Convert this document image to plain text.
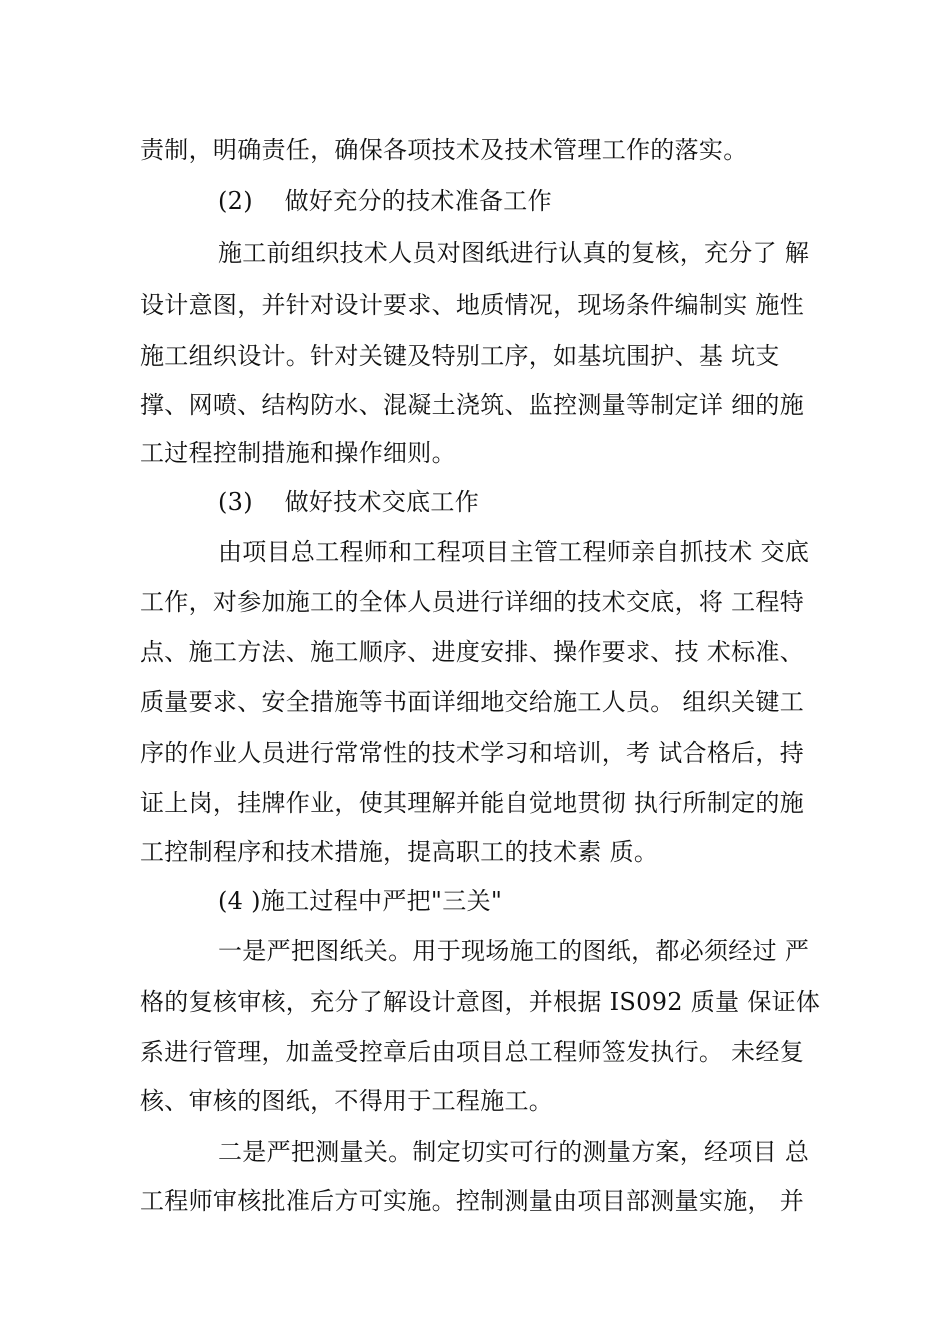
责制，明确责任，确保各项技术及技术管理工作的落实。
(2)    做好充分的技术准备工作
施工前组织技术人员对图纸进行认真的复核，充分了 解
设计意图，并针对设计要求、地质情况，现场条件编制实 施性
施工组织设计。针对关键及特别工序，如基坑围护、基 坑支
撑、网喷、结构防水、混凝土浇筑、监控测量等制定详 细的施
工过程控制措施和操作细则。
(3)    做好技术交底工作
由项目总工程师和工程项目主管工程师亲自抓技术 交底
工作，对参加施工的全体人员进行详细的技术交底，将 工程特
点、施工方法、施工顺序、进度安排、操作要求、技 术标准、
质量要求、安全措施等书面详细地交给施工人员。 组织关键工
序的作业人员进行常常性的技术学习和培训，考 试合格后，持
证上岗，挂牌作业，使其理解并能自觉地贯彻 执行所制定的施
工控制程序和技术措施，提高职工的技术素 质。
(4 )施工过程中严把"三关"
一是严把图纸关。用于现场施工的图纸，都必须经过 严
格的复核审核，充分了解设计意图，并根据 IS092 质量 保证体
系进行管理，加盖受控章后由项目总工程师签发执行。 未经复
核、审核的图纸，不得用于工程施工。
二是严把测量关。制定切实可行的测量方案，经项目 总
工程师审核批准后方可实施。控制测量由项目部测量实施， 并
